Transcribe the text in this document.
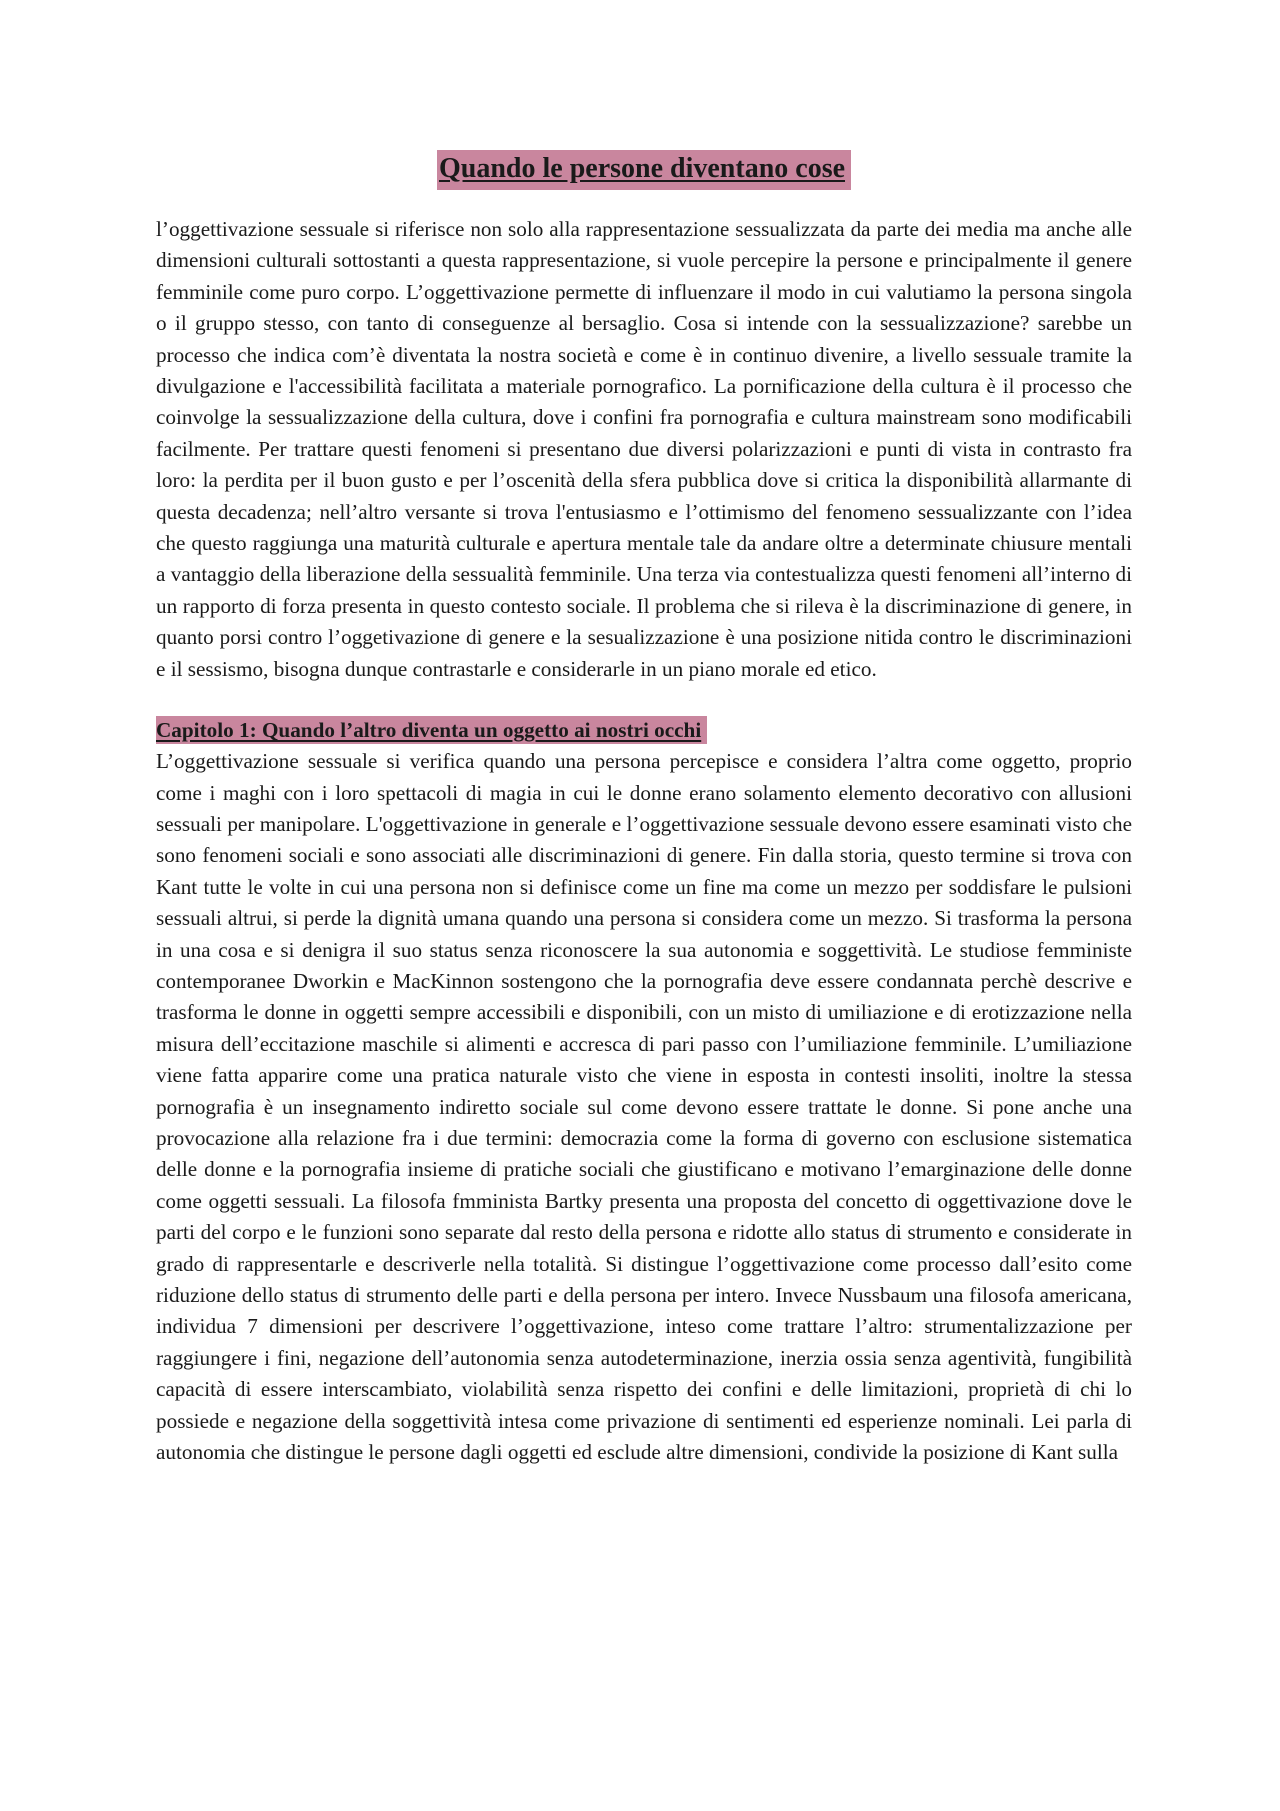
Quando le persone diventano cose

l’oggettivazione sessuale si riferisce non solo alla rappresentazione sessualizzata da parte dei media ma anche alle dimensioni culturali sottostanti a questa rappresentazione, si vuole percepire la persone e principalmente il genere femminile come puro corpo. L’oggettivazione permette di influenzare il modo in cui valutiamo la persona singola o il gruppo stesso, con tanto di conseguenze al bersaglio. Cosa si intende con la sessualizzazione? sarebbe un processo che indica com’è diventata la nostra società e come è in continuo divenire, a livello sessuale tramite la divulgazione e l'accessibilità facilitata a materiale pornografico. La pornificazione della cultura è il processo che coinvolge la sessualizzazione della cultura, dove i confini fra pornografia e cultura mainstream sono modificabili facilmente. Per trattare questi fenomeni si presentano due diversi polarizzazioni e punti di vista in contrasto fra loro: la perdita per il buon gusto e per l’oscenità della sfera pubblica dove si critica la disponibilità allarmante di questa decadenza; nell’altro versante si trova l'entusiasmo e l’ottimismo del fenomeno sessualizzante con l’idea che questo raggiunga una maturità culturale e apertura mentale tale da andare oltre a determinate chiusure mentali a vantaggio della liberazione della sessualità femminile. Una terza via contestualizza questi fenomeni all’interno di un rapporto di forza presenta in questo contesto sociale. Il problema che si rileva è la discriminazione di genere, in quanto porsi contro l’oggetivazione di genere e la sesualizzazione è una posizione nitida contro le discriminazioni e il sessismo, bisogna dunque contrastarle e considerarle in un piano morale ed etico.

Capitolo 1: Quando l’altro diventa un oggetto ai nostri occhi

L’oggettivazione sessuale si verifica quando una persona percepisce e considera l’altra come oggetto, proprio come i maghi con i loro spettacoli di magia in cui le donne erano solamento elemento decorativo con allusioni sessuali per manipolare. L'oggettivazione in generale e l’oggettivazione sessuale devono essere esaminati visto che sono fenomeni sociali e sono associati alle discriminazioni di genere. Fin dalla storia, questo termine si trova con Kant tutte le volte in cui una persona non si definisce come un fine ma come un mezzo per soddisfare le pulsioni sessuali altrui, si perde la dignità umana quando una persona si considera come un mezzo. Si trasforma la persona in una cosa e si denigra il suo status senza riconoscere la sua autonomia e soggettività. Le studiose femministe contemporanee Dworkin e MacKinnon sostengono che la pornografia deve essere condannata perchè descrive e trasforma le donne in oggetti sempre accessibili e disponibili, con un misto di umiliazione e di erotizzazione nella misura dell’eccitazione maschile si alimenti e accresca di pari passo con l’umiliazione femminile. L’umiliazione viene fatta apparire come una pratica naturale visto che viene in esposta in contesti insoliti, inoltre la stessa pornografia è un insegnamento indiretto sociale sul come devono essere trattate le donne. Si pone anche una provocazione alla relazione fra i due termini: democrazia come la forma di governo con esclusione sistematica delle donne e la pornografia insieme di pratiche sociali che giustificano e motivano l’emarginazione delle donne come oggetti sessuali. La filosofa fmminista Bartky presenta una proposta del concetto di oggettivazione dove le parti del corpo e le funzioni sono separate dal resto della persona e ridotte allo status di strumento e considerate in grado di rappresentarle e descriverle nella totalità. Si distingue l’oggettivazione come processo dall’esito come riduzione dello status di strumento delle parti e della persona per intero. Invece Nussbaum una filosofa americana, individua 7 dimensioni per descrivere l’oggettivazione, inteso come trattare l’altro: strumentalizzazione per raggiungere i fini, negazione dell’autonomia senza autodeterminazione, inerzia ossia senza agentività, fungibilità capacità di essere interscambiato, violabilità senza rispetto dei confini e delle limitazioni, proprietà di chi lo possiede e negazione della soggettività intesa come privazione di sentimenti ed esperienze nominali. Lei parla di autonomia che distingue le persone dagli oggetti ed esclude altre dimensioni, condivide la posizione di Kant sulla
